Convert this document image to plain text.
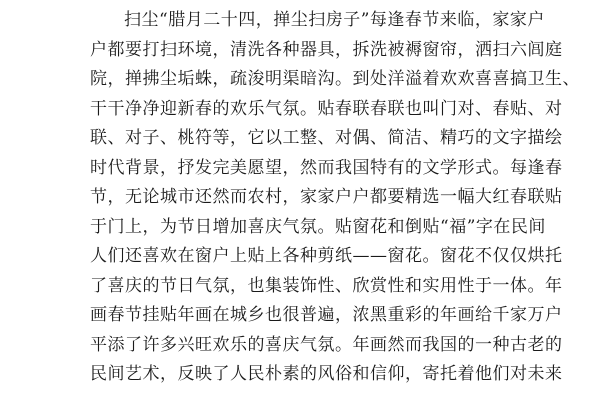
扫尘“腊月二十四，掸尘扫房子”每逢春节来临，家家户
户都要打扫环境，清洗各种器具，拆洗被褥窗帘，洒扫六闾庭
院，掸拂尘垢蛛，疏浚明渠暗沟。到处洋溢着欢欢喜喜搞卫生、
干干净净迎新春的欢乐气氛。贴春联春联也叫门对、春贴、对
联、对子、桃符等，它以工整、对偶、简洁、精巧的文字描绘
时代背景，抒发完美愿望，然而我国特有的文学形式。每逢春
节，无论城市还然而农村，家家户户都要精选一幅大红春联贴
于门上，为节日增加喜庆气氛。贴窗花和倒贴“福”字在民间
人们还喜欢在窗户上贴上各种剪纸——窗花。窗花不仅仅烘托
了喜庆的节日气氛，也集装饰性、欣赏性和实用性于一体。年
画春节挂贴年画在城乡也很普遍，浓黑重彩的年画给千家万户
平添了许多兴旺欢乐的喜庆气氛。年画然而我国的一种古老的
民间艺术，反映了人民朴素的风俗和信仰，寄托着他们对未来
